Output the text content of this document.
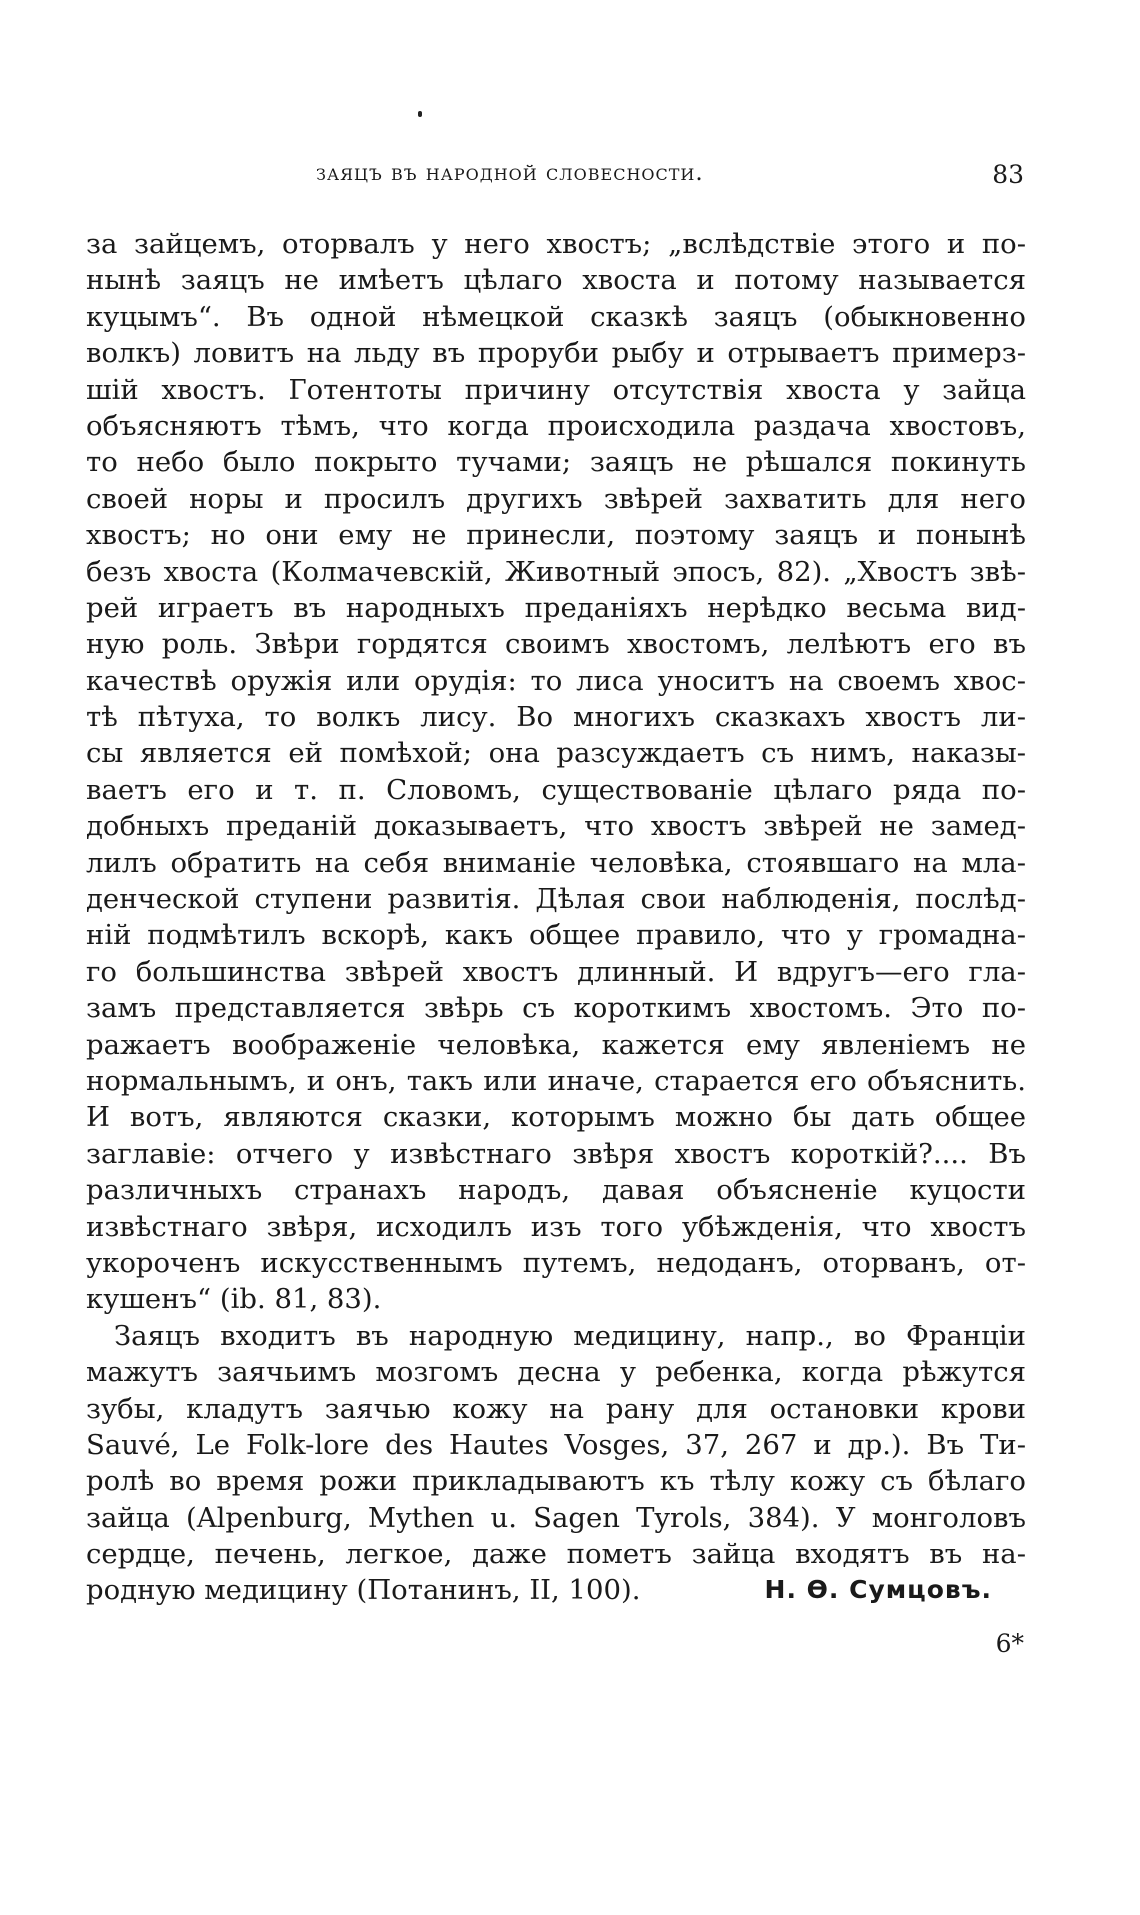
заяцъ въ народной словесности.	83
за зайцемъ, оторвалъ у него хвостъ; „вслѣдствіе этого и по-
нынѣ заяцъ не имѣетъ цѣлаго хвоста и потому называется
куцымъ“. Въ одной нѣмецкой сказкѣ заяцъ (обыкновенно
волкъ) ловитъ на льду въ проруби рыбу и отрываетъ примерз-
шій хвостъ. Готентоты причину отсутствія хвоста у зайца
объясняютъ тѣмъ, что когда происходила раздача хвостовъ,
то небо было покрыто тучами; заяцъ не рѣшался покинуть
своей норы и просилъ другихъ звѣрей захватить для него
хвостъ; но они ему не принесли, поэтому заяцъ и понынѣ
безъ хвоста (Колмачевскій, Животный эпосъ, 82). „Хвостъ звѣ-
рей играетъ въ народныхъ преданіяхъ нерѣдко весьма вид-
ную роль. Звѣри гордятся своимъ хвостомъ, лелѣютъ его въ
качествѣ оружія или орудія: то лиса уноситъ на своемъ хвос-
тѣ пѣтуха, то волкъ лису. Во многихъ сказкахъ хвостъ ли-
сы является ей помѣхой; она разсуждаетъ съ нимъ, наказы-
ваетъ его и т. п. Словомъ, существованіе цѣлаго ряда по-
добныхъ преданій доказываетъ, что хвостъ звѣрей не замед-
лилъ обратить на себя вниманіе человѣка, стоявшаго на мла-
денческой ступени развитія. Дѣлая свои наблюденія, послѣд-
ній подмѣтилъ вскорѣ, какъ общее правило, что у громадна-
го большинства звѣрей хвостъ длинный. И вдругъ—его гла-
замъ представляется звѣрь съ короткимъ хвостомъ. Это по-
ражаетъ воображеніе человѣка, кажется ему явленіемъ не
нормальнымъ, и онъ, такъ или иначе, старается его объяснить.
И вотъ, являются сказки, которымъ можно бы дать общее
заглавіе: отчего у извѣстнаго звѣря хвостъ короткій?.... Въ
различныхъ странахъ народъ, давая объясненіе куцости
извѣстнаго звѣря, исходилъ изъ того убѣжденія, что хвостъ
укороченъ искусственнымъ путемъ, недоданъ, оторванъ, от-
кушенъ“ (ib. 81, 83).
Заяцъ входитъ въ народную медицину, напр., во Франціи
мажутъ заячьимъ мозгомъ десна у ребенка, когда рѣжутся
зубы, кладутъ заячью кожу на рану для остановки крови
Sauvé, Le Folk-lore des Hautes Vosges, 37, 267 и др.). Въ Ти-
ролѣ во время рожи прикладываютъ къ тѣлу кожу съ бѣлаго
зайца (Alpenburg, Mythen u. Sagen Tyrols, 384). У монголовъ
сердце, печень, легкое, даже пометъ зайца входятъ въ на-
родную медицину (Потанинъ, II, 100).	Н. Ѳ. Сумцовъ.
6*
